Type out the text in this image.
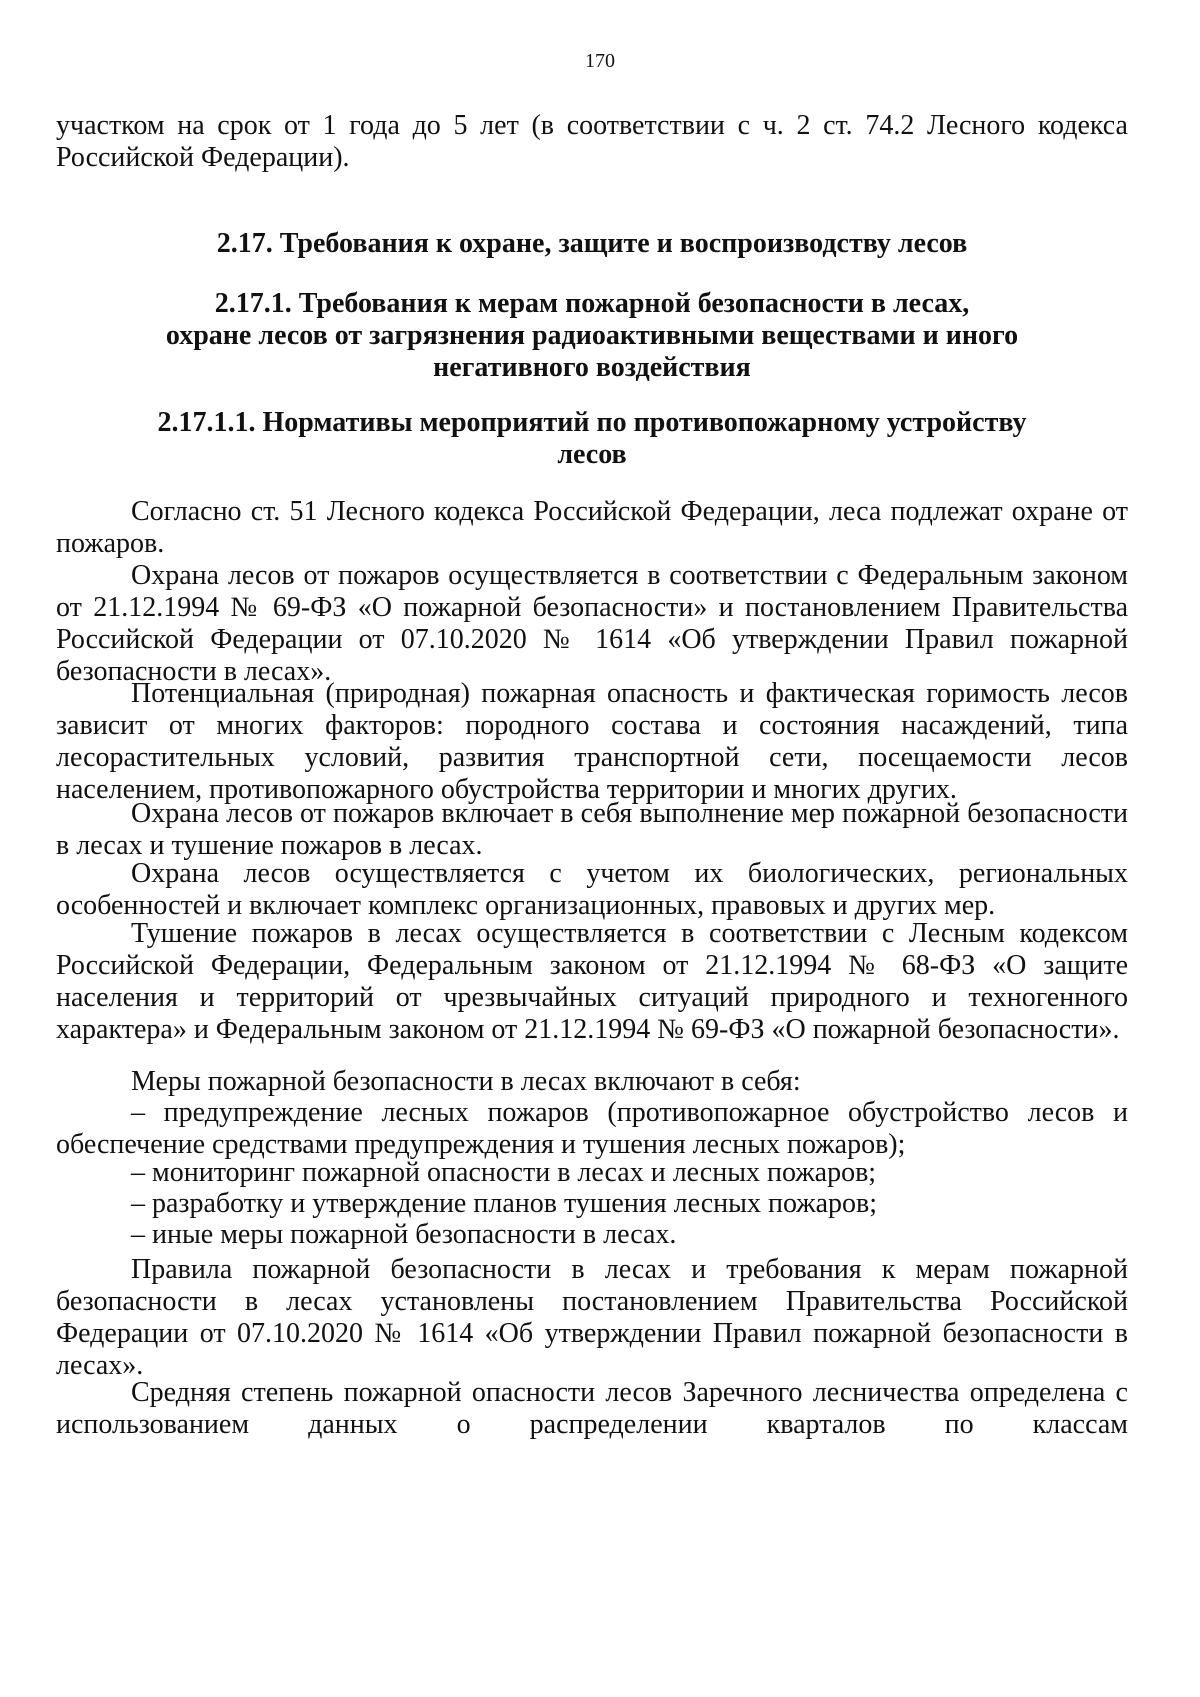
170
участком на срок от 1 года до 5 лет (в соответствии с ч. 2 ст. 74.2 Лесного кодекса Российской Федерации).
2.17. Требования к охране, защите и воспроизводству лесов
2.17.1. Требования к мерам пожарной безопасности в лесах,
охране лесов от загрязнения радиоактивными веществами и иного
негативного воздействия
2.17.1.1. Нормативы мероприятий по противопожарному устройству
лесов
Согласно ст. 51 Лесного кодекса Российской Федерации, леса подлежат охране от пожаров.
Охрана лесов от пожаров осуществляется в соответствии с Федеральным законом от 21.12.1994 № 69-ФЗ «О пожарной безопасности» и постановлением Правительства Российской Федерации от 07.10.2020 № 1614 «Об утверждении Правил пожарной безопасности в лесах».
Потенциальная (природная) пожарная опасность и фактическая горимость лесов зависит от многих факторов: породного состава и состояния насаждений, типа лесорастительных условий, развития транспортной сети, посещаемости лесов населением, противопожарного обустройства территории и многих других.
Охрана лесов от пожаров включает в себя выполнение мер пожарной безопасности в лесах и тушение пожаров в лесах.
Охрана лесов осуществляется с учетом их биологических, региональных особенностей и включает комплекс организационных, правовых и других мер.
Тушение пожаров в лесах осуществляется в соответствии с Лесным кодексом Российской Федерации, Федеральным законом от 21.12.1994 № 68-ФЗ «О защите населения и территорий от чрезвычайных ситуаций природного и техногенного характера» и Федеральным законом от 21.12.1994 № 69-ФЗ «О пожарной безопасности».
Меры пожарной безопасности в лесах включают в себя:
– предупреждение лесных пожаров (противопожарное обустройство лесов и обеспечение средствами предупреждения и тушения лесных пожаров);
– мониторинг пожарной опасности в лесах и лесных пожаров;
– разработку и утверждение планов тушения лесных пожаров;
– иные меры пожарной безопасности в лесах.
Правила пожарной безопасности в лесах и требования к мерам пожарной безопасности в лесах установлены постановлением Правительства Российской Федерации от 07.10.2020 № 1614 «Об утверждении Правил пожарной безопасности в лесах».
Средняя степень пожарной опасности лесов Заречного лесничества определена с использованием данных о распределении кварталов по классам
